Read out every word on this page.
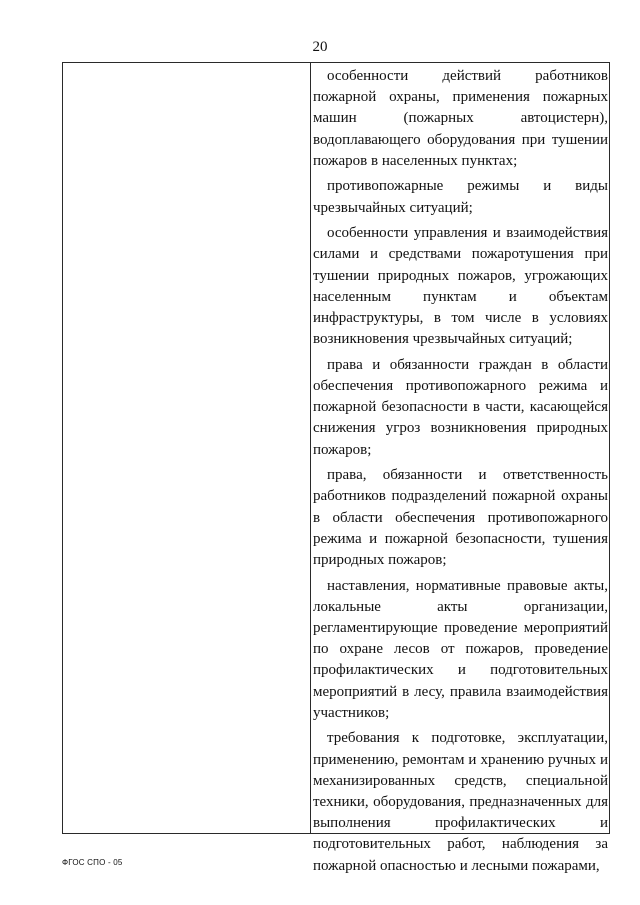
20

особенности действий работников пожарной охраны, применения пожарных машин (пожарных автоцистерн), водоплавающего оборудования при тушении пожаров в населенных пунктах;

противопожарные режимы и виды чрезвычайных ситуаций;

особенности управления и взаимодействия силами и средствами пожаротушения при тушении природных пожаров, угрожающих населенным пунктам и объектам инфраструктуры, в том числе в условиях возникновения чрезвычайных ситуаций;

права и обязанности граждан в области обеспечения противопожарного режима и пожарной безопасности в части, касающейся снижения угроз возникновения природных пожаров;

права, обязанности и ответственность работников подразделений пожарной охраны в области обеспечения противопожарного режима и пожарной безопасности, тушения природных пожаров;

наставления, нормативные правовые акты, локальные акты организации, регламентирующие проведение мероприятий по охране лесов от пожаров, проведение профилактических и подготовительных мероприятий в лесу, правила взаимодействия участников;

требования к подготовке, эксплуатации, применению, ремонтам и хранению ручных и механизированных средств, специальной техники, оборудования, предназначенных для выполнения профилактических и подготовительных работ, наблюдения за пожарной опасностью и лесными пожарами,

ФГОС СПО - 05
